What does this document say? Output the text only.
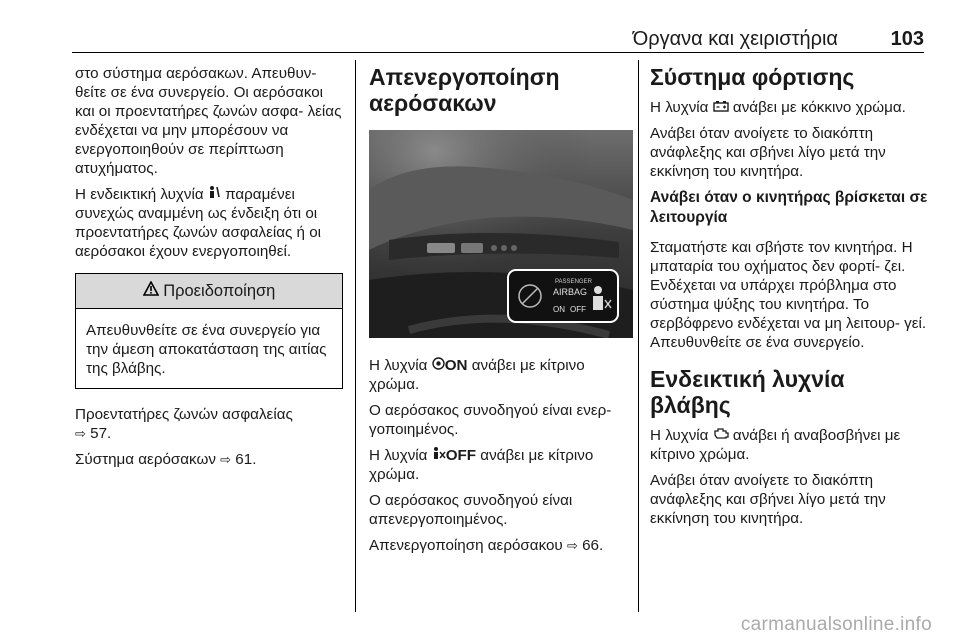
Όργανα και χειριστήρια	103

στο σύστημα αερόσακων. Απευθυν- θείτε σε ένα συνεργείο. Οι αερόσακοι και οι προεντατήρες ζωνών ασφα- λείας ενδέχεται να μην μπορέσουν να ενεργοποιηθούν σε περίπτωση ατυχήματος.

Η ενδεικτική λυχνία παραμένει συνεχώς αναμμένη ως ένδειξη ότι οι προεντατήρες ζωνών ασφαλείας ή οι αερόσακοι έχουν ενεργοποιηθεί.

Προειδοποίηση
Απευθυνθείτε σε ένα συνεργείο για την άμεση αποκατάσταση της αιτίας της βλάβης.

Προεντατήρες ζωνών ασφαλείας
⇨ 57.

Σύστημα αερόσακων ⇨ 61.

Απενεργοποίηση αερόσακων
PASSENGER
AIRBAG
ON OFF

Η λυχνία ON ανάβει με κίτρινο χρώμα.

Ο αερόσακος συνοδηγού είναι ενερ- γοποιημένος.

Η λυχνία OFF ανάβει με κίτρινο χρώμα.

Ο αερόσακος συνοδηγού είναι απενεργοποιημένος.

Απενεργοποίηση αερόσακου ⇨ 66.

Σύστημα φόρτισης

Η λυχνία ανάβει με κόκκινο χρώμα.

Ανάβει όταν ανοίγετε το διακόπτη ανάφλεξης και σβήνει λίγο μετά την εκκίνηση του κινητήρα.

Ανάβει όταν ο κινητήρας βρίσκεται σε λειτουργία

Σταματήστε και σβήστε τον κινητήρα. Η μπαταρία του οχήματος δεν φορτί- ζει. Ενδέχεται να υπάρχει πρόβλημα στο σύστημα ψύξης του κινητήρα. Το σερβόφρενο ενδέχεται να μη λειτουρ- γεί. Απευθυνθείτε σε ένα συνεργείο.

Ενδεικτική λυχνία βλάβης

Η λυχνία ανάβει ή αναβοσβήνει με κίτρινο χρώμα.

Ανάβει όταν ανοίγετε το διακόπτη ανάφλεξης και σβήνει λίγο μετά την εκκίνηση του κινητήρα.

carmanualsonline.info
